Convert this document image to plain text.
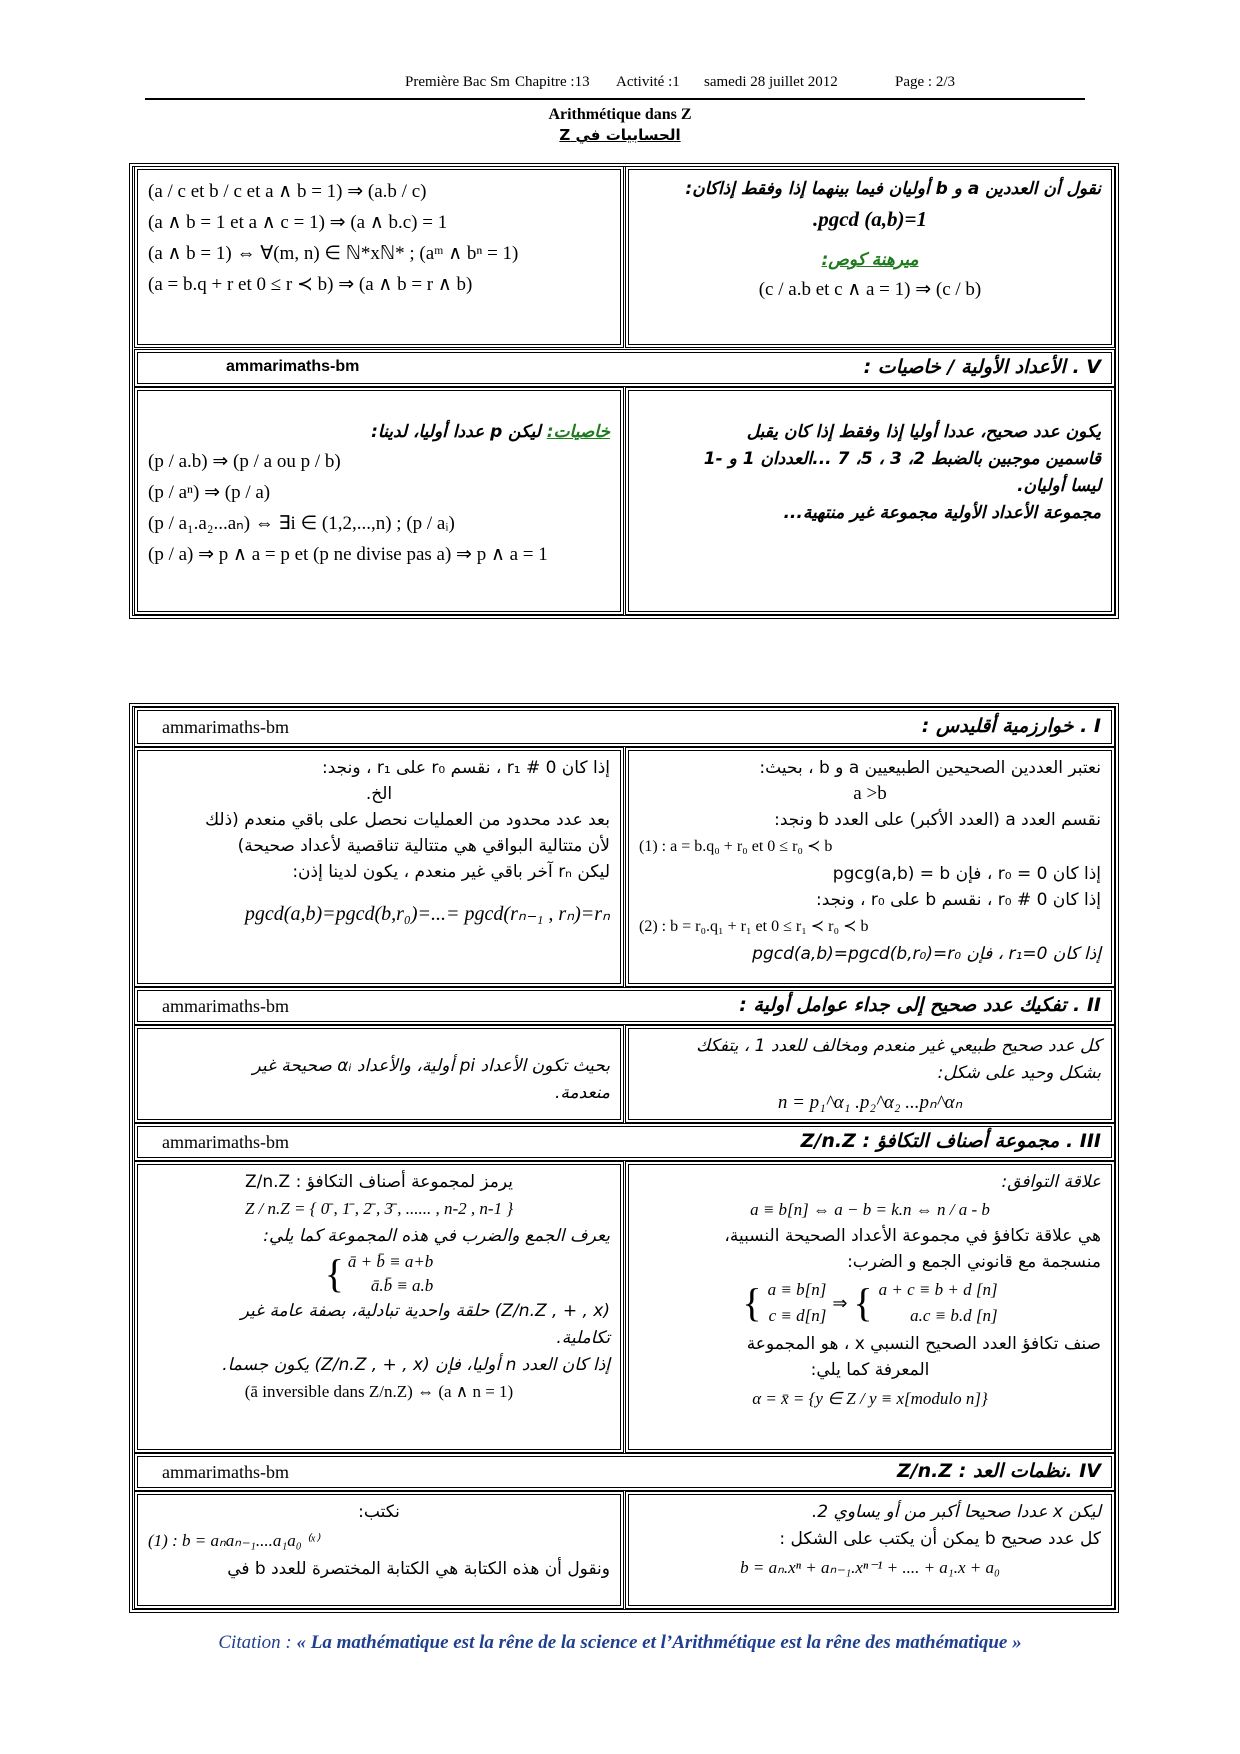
Première Bac Sm Chapitre :13 Activité :1 samedi 28 juillet 2012	Page : 2/3
Arithmétique dans Z
الحسابيات في Z
(a / c et b / c et a ∧ b = 1) ⇒ (a.b / c)
(a ∧ b = 1 et a ∧ c = 1) ⇒ (a ∧ b.c) = 1
(a ∧ b = 1) ⇔ ∀(m, n) ∈ ℕ*xℕ* ; (aᵐ ∧ bⁿ = 1)
(a = b.q + r et 0 ≤ r ≺ b) ⇒ (a ∧ b = r ∧ b)
نقول أن العددين a و b أوليان فيما بينهما إذا وفقط إذاكان:
pgcd (a,b)=1.
ميرهنة كوص:
(c / a.b et c ∧ a = 1) ⇒ (c / b)
ammarimaths-bm	V . الأعداد الأولية / خاصيات :
خاصيات: ليكن p عددا أوليا، لدينا:
(p / a.b) ⇒ (p / a ou p / b)
(p / aⁿ) ⇒ (p / a)
(p / a₁.a₂...aₙ) ⇔ ∃i ∈ (1,2,...,n) ; (p / aᵢ)
(p / a) ⇒ p ∧ a = p et (p ne divise pas a) ⇒ p ∧ a = 1
يكون عدد صحيح، عددا أوليا إذا وفقط إذا كان يقبل
قاسمين موجبين بالضبط 2، 3 ، 5، 7 ...العددان 1 و -1
ليسا أوليان.
مجموعة الأعداد الأولية مجموعة غير منتهية...
ammarimaths-bm	I . خوارزمية أقليدس :
نعتبر العددين الصحيحين الطبيعيين a و b ، بحيث:
a >b
نقسم العدد a (العدد الأكبر) على العدد b ونجد:
(1) : a = b.q₀ + r₀ et 0 ≤ r₀ ≺ b
إذا كان r₀ = 0 ، فإن pgcg(a,b) = b
إذا كان r₀ # 0 ، نقسم b على r₀ ، ونجد:
(2) : b = r₀.q₁ + r₁ et 0 ≤ r₁ ≺ r₀ ≺ b
إذا كان r₁=0 ، فإن pgcd(a,b)=pgcd(b,r₀)=r₀
إذا كان r₁ # 0 ، نقسم r₀ على r₁ ، ونجد:
الخ.
بعد عدد محدود من العمليات نحصل على باقي منعدم (ذلك
لأن متتالية البواقي هي متتالية تناقصية لأعداد صحيحة)
ليكن rₙ آخر باقي غير منعدم ، يكون لدينا إذن:
pgcd(a,b)=pgcd(b,r₀)=...= pgcd(rₙ₋₁ , rₙ)=rₙ
ammarimaths-bm	II . تفكيك عدد صحيح إلى جداء عوامل أولية :
كل عدد صحيح طبيعي غير منعدم ومخالف للعدد 1 ، يتفكك
بشكل وحيد على شكل:
n = p₁^α₁ .p₂^α₂ ...pₙ^αₙ
بحيث تكون الأعداد pi أولية، والأعداد αᵢ صحيحة غير
منعدمة.
ammarimaths-bm	III . مجموعة أصناف التكافؤ : Z/n.Z
علاقة التوافق:
a ≡ b[n] ⇔ a − b = k.n ⇔ n / a - b
هي علاقة تكافؤ في مجموعة الأعداد الصحيحة النسبية،
منسجمة مع قانوني الجمع و الضرب:
{ a ≡ b[n]
c ≡ d[n]
⇒ { a + c ≡ b + d [n]
a.c ≡ b.d [n]
صنف تكافؤ العدد الصحيح النسبي x ، هو المجموعة
المعرفة كما يلي:
α = x̄ = {y ∈ Z / y ≡ x[modulo n]}
يرمز لمجموعة أصناف التكافؤ : Z/n.Z
Z / n.Z = { 0̄ , 1̄ , 2̄ , 3̄ , ...... , n-2 , n-1 }
يعرف الجمع والضرب في هذه المجموعة كما يلي:
{ ā + b̄ ≡ a+b
ā.b̄ ≡ a.b
(Z/n.Z , + , x) حلقة واحدية تبادلية، بصفة عامة غير
تكاملية.
إذا كان العدد n أوليا، فإن (Z/n.Z , + , x) يكون جسما.
(ā inversible dans Z/n.Z) ⇔ (a ∧ n = 1)
ammarimaths-bm	IV .نظمات العد : Z/n.Z
ليكن x عددا صحيحا أكبر من أو يساوي 2.
كل عدد صحيح b يمكن أن يكتب على الشكل :
b = aₙ.xⁿ + aₙ₋₁.xⁿ⁻¹ + .... + a₁.x + a₀
نكتب:
(1) : b = aₙaₙ₋₁....a₁a₀ ⁽ˣ⁾
ونقول أن هذه الكتابة هي الكتابة المختصرة للعدد b في
Citation : « La mathématique est la rêne de la science et l’Arithmétique est la rêne des mathématique »
